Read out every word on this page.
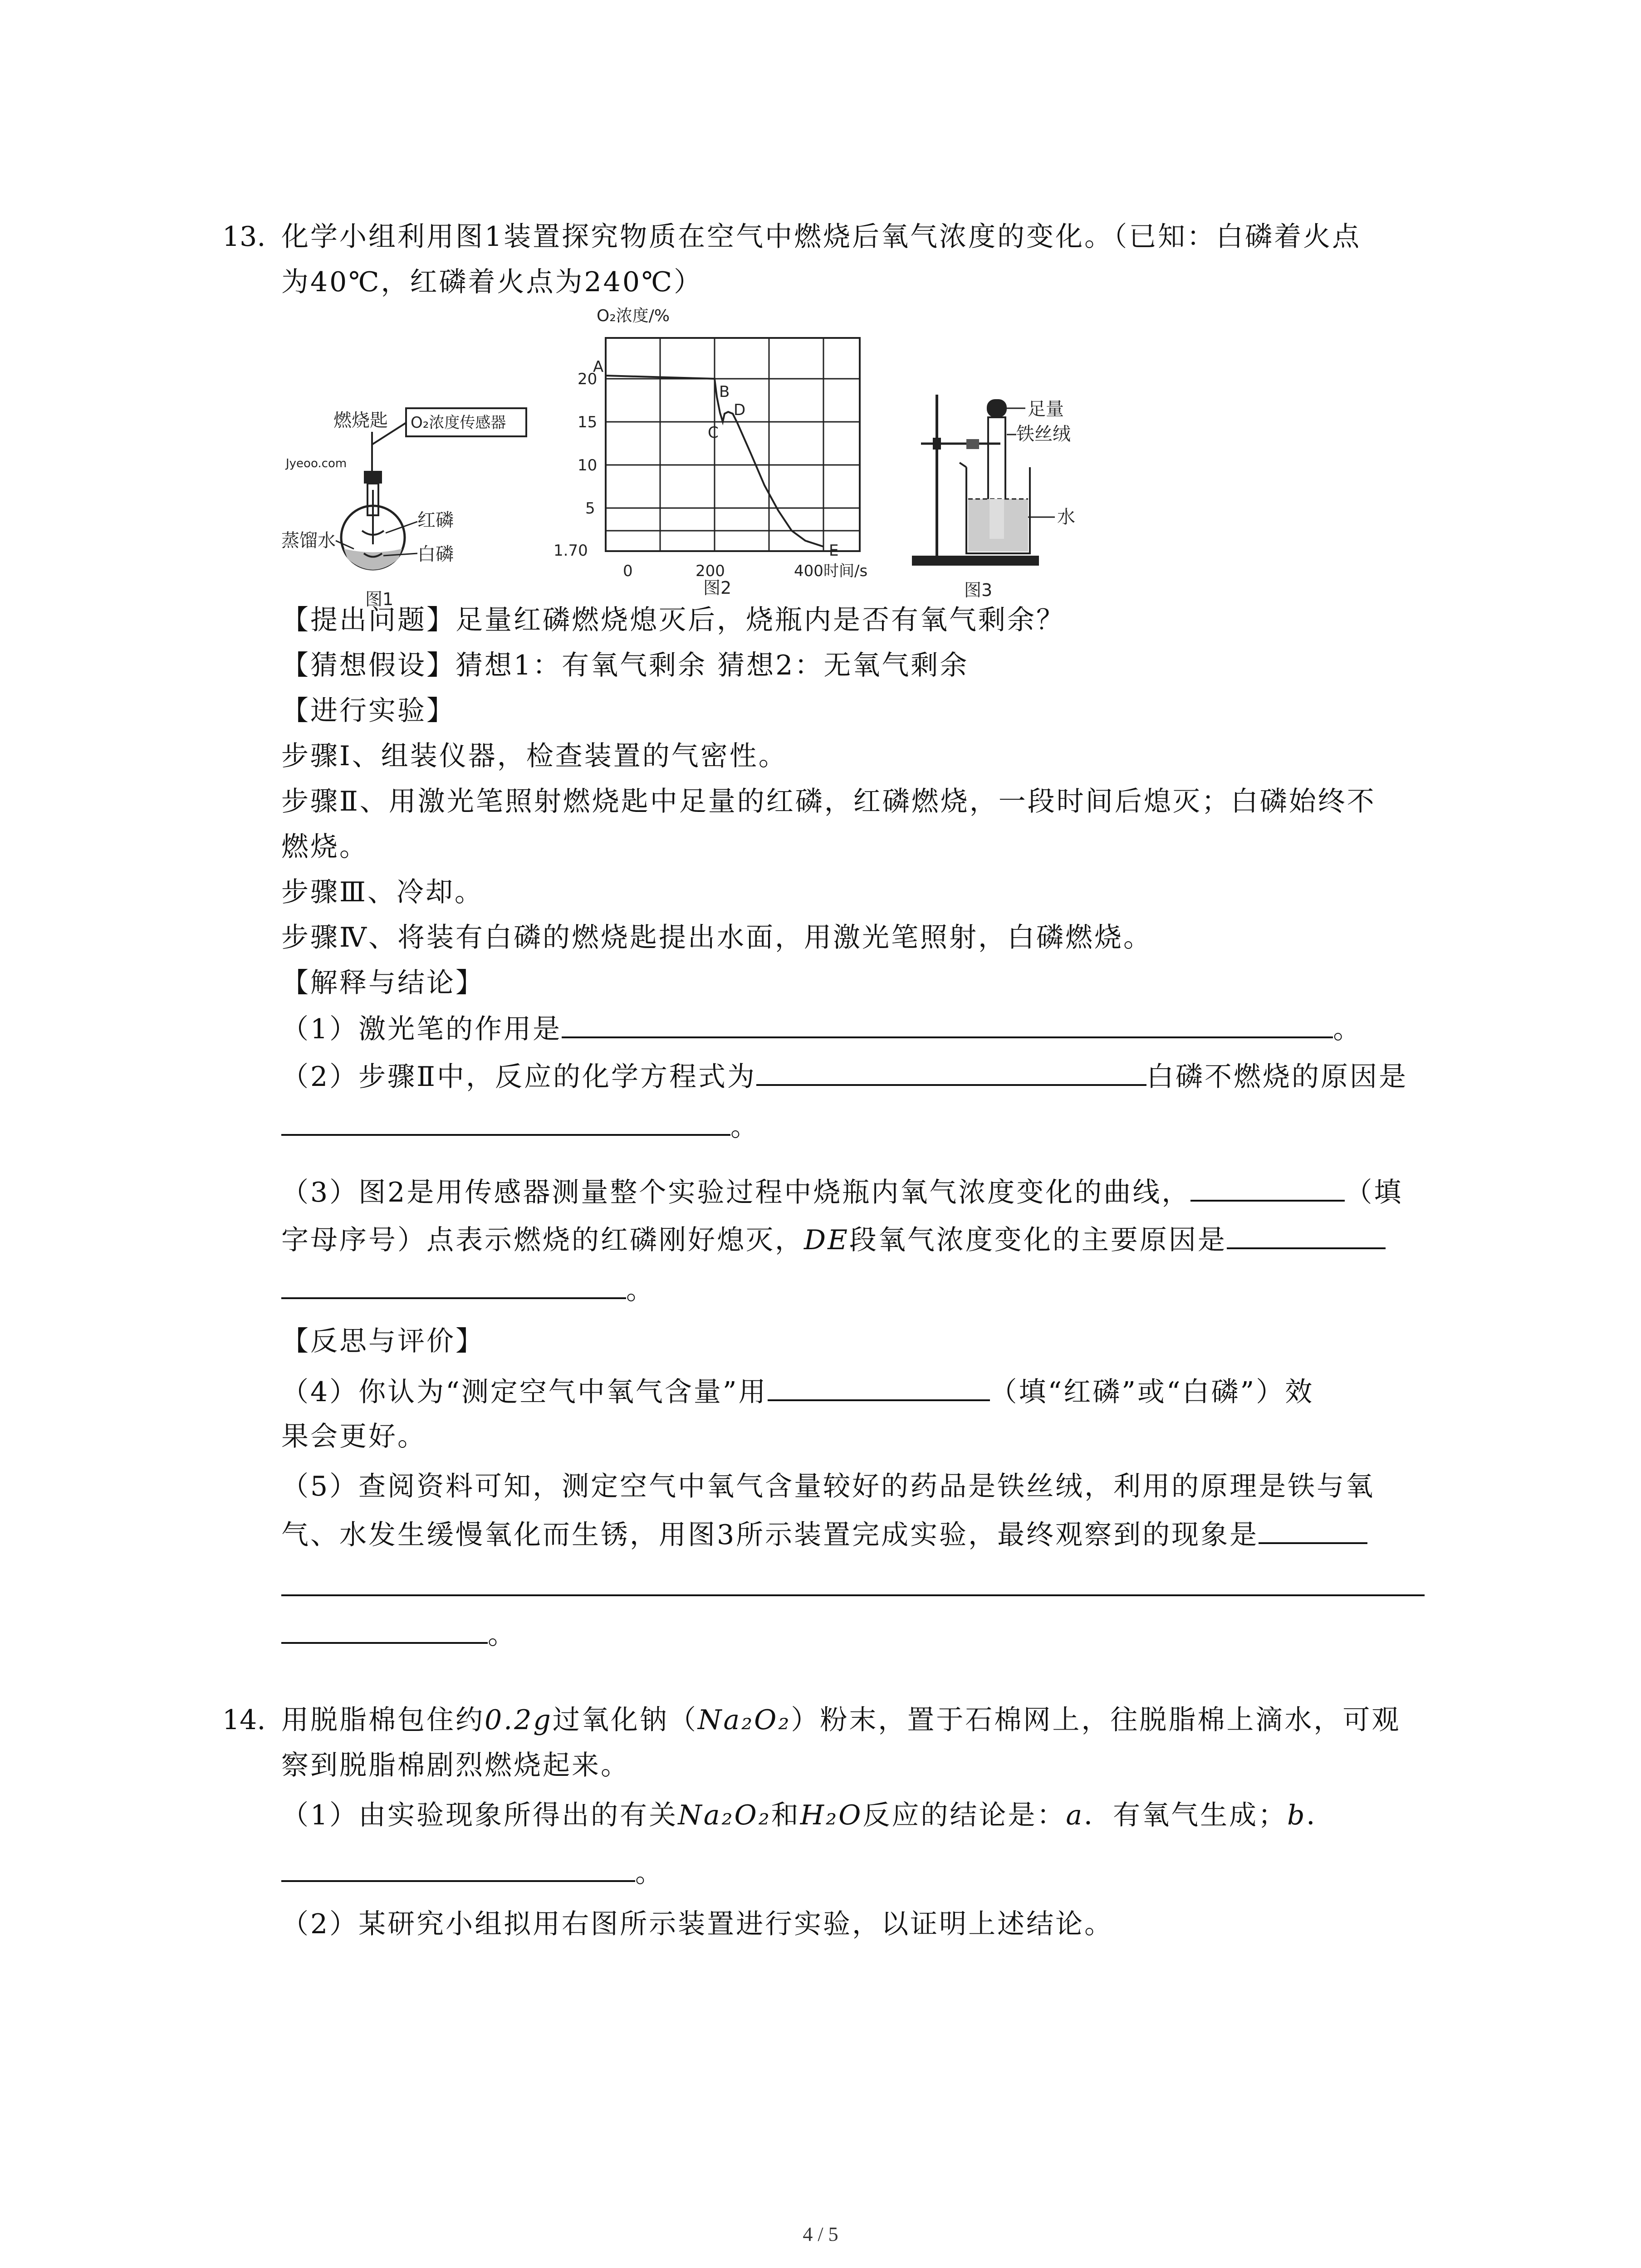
13. 化学小组利用图1装置探究物质在空气中燃烧后氧气浓度的变化。（已知：白磷着火点
为40℃，红磷着火点为240℃）
燃烧匙 O₂浓度传感器
Jyeoo.com
红磷
白磷
蒸馏水
图1
O₂浓度/%
A
B
C
D
E
20
15
10
5
1.70
0	200	400 时间/s
图2
足量
铁丝绒
水
图3
【提出问题】足量红磷燃烧熄灭后，烧瓶内是否有氧气剩余？
【猜想假设】猜想1：有氧气剩余 猜想2：无氧气剩余
【进行实验】
步骤Ⅰ、组装仪器，检查装置的气密性。
步骤Ⅱ、用激光笔照射燃烧匙中足量的红磷，红磷燃烧，一段时间后熄灭；白磷始终不
燃烧。
步骤Ⅲ、冷却。
步骤Ⅳ、将装有白磷的燃烧匙提出水面，用激光笔照射，白磷燃烧。
【解释与结论】
（1）激光笔的作用是	。
（2）步骤Ⅱ中，反应的化学方程式为	白磷不燃烧的原因是
。
（3）图2是用传感器测量整个实验过程中烧瓶内氧气浓度变化的曲线，	（填
字母序号）点表示燃烧的红磷刚好熄灭，DE段氧气浓度变化的主要原因是
。
【反思与评价】
（4）你认为“测定空气中氧气含量”用	（填“红磷”或“白磷”）效
果会更好。
（5）查阅资料可知，测定空气中氧气含量较好的药品是铁丝绒，利用的原理是铁与氧
气、水发生缓慢氧化而生锈，用图3所示装置完成实验，最终观察到的现象是
。
14. 用脱脂棉包住约0.2g过氧化钠（Na₂O₂）粉末，置于石棉网上，往脱脂棉上滴水，可观
察到脱脂棉剧烈燃烧起来。
（1）由实验现象所得出的有关Na₂O₂和H₂O反应的结论是：a．有氧气生成；b．
。
（2）某研究小组拟用右图所示装置进行实验，以证明上述结论。
4 / 5
